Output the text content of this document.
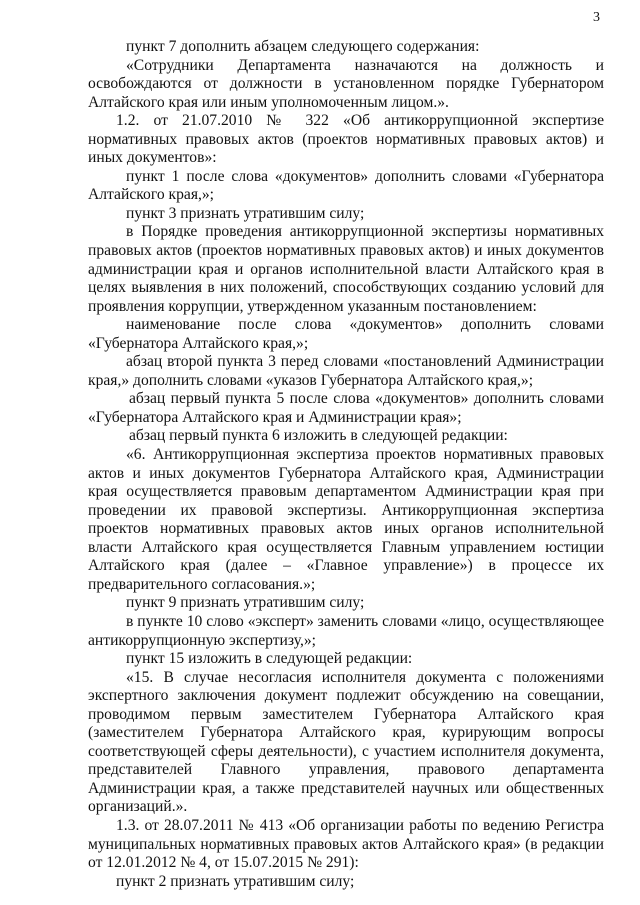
3

пункт 7 дополнить абзацем следующего содержания:

«Сотрудники Департамента назначаются на должность и освобождаются от должности в установленном порядке Губернатором Алтайского края или иным уполномоченным лицом.».

1.2. от 21.07.2010 № 322 «Об антикоррупционной экспертизе нормативных правовых актов (проектов нормативных правовых актов) и иных документов»:

пункт 1 после слова «документов» дополнить словами «Губернатора Алтайского края,»;

пункт 3 признать утратившим силу;

в Порядке проведения антикоррупционной экспертизы нормативных правовых актов (проектов нормативных правовых актов) и иных документов администрации края и органов исполнительной власти Алтайского края в целях выявления в них положений, способствующих созданию условий для проявления коррупции, утвержденном указанным постановлением:

наименование после слова «документов» дополнить словами «Губернатора Алтайского края,»;

абзац второй пункта 3 перед словами «постановлений Администрации края,» дополнить словами «указов Губернатора Алтайского края,»;

абзац первый пункта 5 после слова «документов» дополнить словами «Губернатора Алтайского края и Администрации края»;

абзац первый пункта 6 изложить в следующей редакции:

«6. Антикоррупционная экспертиза проектов нормативных правовых актов и иных документов Губернатора Алтайского края, Администрации края осуществляется правовым департаментом Администрации края при проведении их правовой экспертизы. Антикоррупционная экспертиза проектов нормативных правовых актов иных органов исполнительной власти Алтайского края осуществляется Главным управлением юстиции Алтайского края (далее – «Главное управление») в процессе их предварительного согласования.»;

пункт 9 признать утратившим силу;

в пункте 10 слово «эксперт» заменить словами «лицо, осуществляющее антикоррупционную экспертизу,»;

пункт 15 изложить в следующей редакции:

«15. В случае несогласия исполнителя документа с положениями экспертного заключения документ подлежит обсуждению на совещании, проводимом первым заместителем Губернатора Алтайского края (заместителем Губернатора Алтайского края, курирующим вопросы соответствующей сферы деятельности), с участием исполнителя документа, представителей Главного управления, правового департамента Администрации края, а также представителей научных или общественных организаций.».

1.3. от 28.07.2011 № 413 «Об организации работы по ведению Регистра муниципальных нормативных правовых актов Алтайского края» (в редакции от 12.01.2012 № 4, от 15.07.2015 № 291):

пункт 2 признать утратившим силу;
